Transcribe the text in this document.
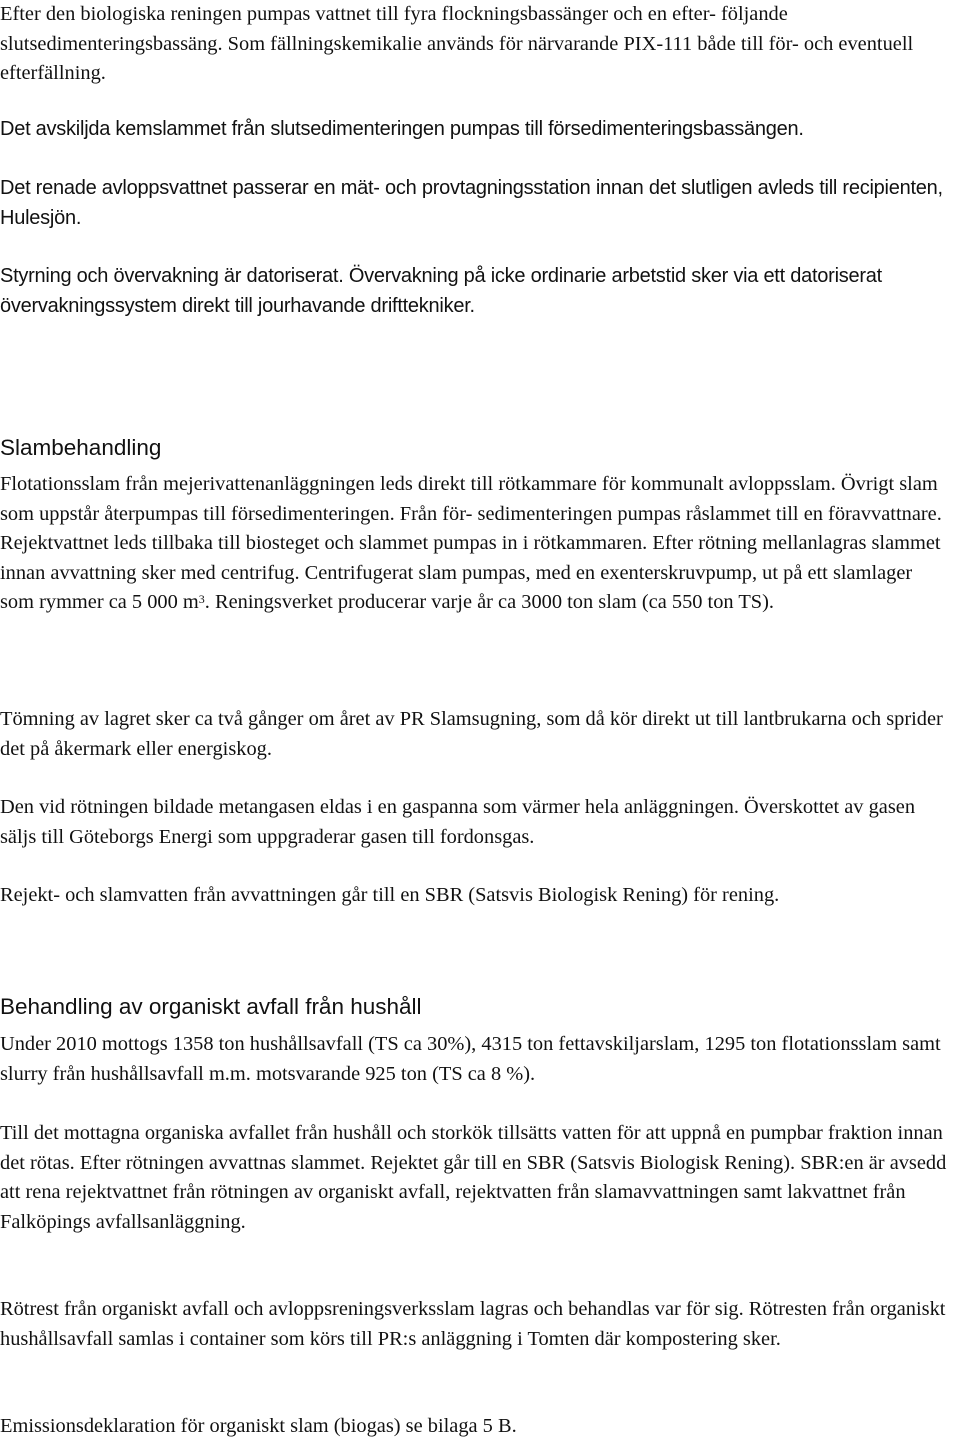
Efter den biologiska reningen pumpas vattnet till fyra flockningsbassänger och en efter- följande slutsedimenteringsbassäng. Som fällningskemikalie används för närvarande PIX-111 både till för- och eventuell efterfällning.

Det avskiljda kemslammet från slutsedimenteringen pumpas till försedimenteringsbassängen.

Det renade avloppsvattnet passerar en mät- och provtagningsstation innan det slutligen avleds till recipienten, Hulesjön.

Styrning och övervakning är datoriserat. Övervakning på icke ordinarie arbetstid sker via ett datoriserat övervakningssystem direkt till jourhavande drifttekniker.

Slambehandling

Flotationsslam från mejerivattenanläggningen leds direkt till rötkammare för kommunalt avloppsslam. Övrigt slam som uppstår återpumpas till försedimenteringen. Från för- sedimenteringen pumpas råslammet till en föravvattnare. Rejektvattnet leds tillbaka till biosteget och slammet pumpas in i rötkammaren. Efter rötning mellanlagras slammet innan avvattning sker med centrifug. Centrifugerat slam pumpas, med en exenterskruvpump, ut på ett slamlager som rymmer ca 5 000 $m^3$. Reningsverket producerar varje år ca 3000 ton slam (ca 550 ton TS).

Tömning av lagret sker ca två gånger om året av PR Slamsugning, som då kör direkt ut till lantbrukarna och sprider det på åkermark eller energiskog.

Den vid rötningen bildade metangasen eldas i en gaspanna som värmer hela anläggningen. Överskottet av gasen säljs till Göteborgs Energi som uppgraderar gasen till fordonsgas.

Rejekt- och slamvatten från avvattningen går till en SBR (Satsvis Biologisk Rening) för rening.

Behandling av organiskt avfall från hushåll

Under 2010 mottogs 1358 ton hushållsavfall (TS ca 30%), 4315 ton fettavskiljarslam, 1295 ton flotationsslam samt slurry från hushållsavfall m.m. motsvarande 925 ton (TS ca 8 %).

Till det mottagna organiska avfallet från hushåll och storkök tillsätts vatten för att uppnå en pumpbar fraktion innan det rötas. Efter rötningen avvattnas slammet. Rejektet går till en SBR (Satsvis Biologisk Rening). SBR:en är avsedd att rena rejektvattnet från rötningen av organiskt avfall, rejektvatten från slamavvattningen samt lakvattnet från Falköpings avfallsanläggning.

Rötrest från organiskt avfall och avloppsreningsverksslam lagras och behandlas var för sig. Rötresten från organiskt hushållsavfall samlas i container som körs till PR:s anläggning i Tomten där kompostering sker.

Emissionsdeklaration för organiskt slam (biogas) se bilaga 5 B.
